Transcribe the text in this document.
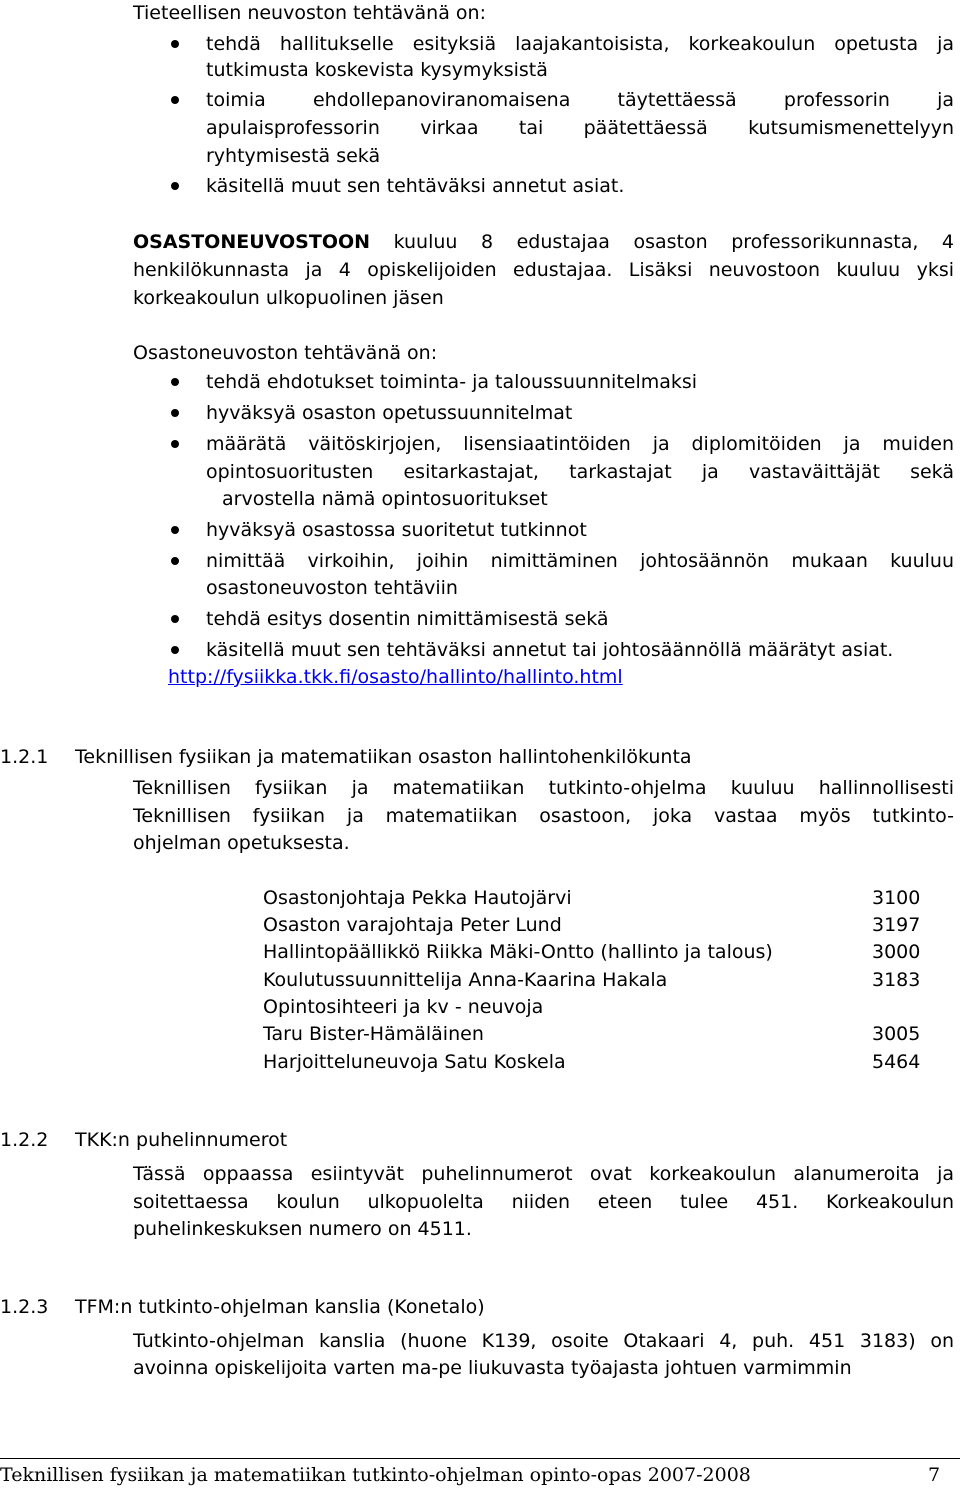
Tieteellisen neuvoston tehtävänä on:
tehdä hallitukselle esityksiä laajakantoisista, korkeakoulun opetusta ja
tutkimusta koskevista kysymyksistä
toimia ehdollepanoviranomaisena täytettäessä professorin ja
apulaisprofessorin virkaa tai päätettäessä kutsumismenettelyyn
ryhtymisestä sekä
käsitellä muut sen tehtäväksi annetut asiat.
OSASTONEUVOSTOON kuuluu 8 edustajaa osaston professorikunnasta, 4
henkilökunnasta ja 4 opiskelijoiden edustajaa. Lisäksi neuvostoon kuuluu yksi
korkeakoulun ulkopuolinen jäsen
Osastoneuvoston tehtävänä on:
tehdä ehdotukset toiminta- ja taloussuunnitelmaksi
hyväksyä osaston opetussuunnitelmat
määrätä väitöskirjojen, lisensiaatintöiden ja diplomitöiden ja muiden
opintosuoritusten esitarkastajat, tarkastajat ja vastaväittäjät sekä
arvostella nämä opintosuoritukset
hyväksyä osastossa suoritetut tutkinnot
nimittää virkoihin, joihin nimittäminen johtosäännön mukaan kuuluu
osastoneuvoston tehtäviin
tehdä esitys dosentin nimittämisestä sekä
käsitellä muut sen tehtäväksi annetut tai johtosäännöllä määrätyt asiat.
http://fysiikka.tkk.fi/osasto/hallinto/hallinto.html
1.2.1 Teknillisen fysiikan ja matematiikan osaston hallintohenkilökunta
Teknillisen fysiikan ja matematiikan tutkinto-ohjelma kuuluu hallinnollisesti
Teknillisen fysiikan ja matematiikan osastoon, joka vastaa myös tutkinto-
ohjelman opetuksesta.
Osastonjohtaja Pekka Hautojärvi	3100
Osaston varajohtaja Peter Lund	3197
Hallintopäällikkö Riikka Mäki-Ontto (hallinto ja talous)	3000
Koulutussuunnittelija Anna-Kaarina Hakala	3183
Opintosihteeri ja kv - neuvoja
Taru Bister-Hämäläinen	3005
Harjoitteluneuvoja Satu Koskela	5464
1.2.2 TKK:n puhelinnumerot
Tässä oppaassa esiintyvät puhelinnumerot ovat korkeakoulun alanumeroita ja
soitettaessa koulun ulkopuolelta niiden eteen tulee 451. Korkeakoulun
puhelinkeskuksen numero on 4511.
1.2.3 TFM:n tutkinto-ohjelman kanslia (Konetalo)
Tutkinto-ohjelman kanslia (huone K139, osoite Otakaari 4, puh. 451 3183) on
avoinna opiskelijoita varten ma-pe liukuvasta työajasta johtuen varmimmin
Teknillisen fysiikan ja matematiikan tutkinto-ohjelman opinto-opas 2007-2008	7
